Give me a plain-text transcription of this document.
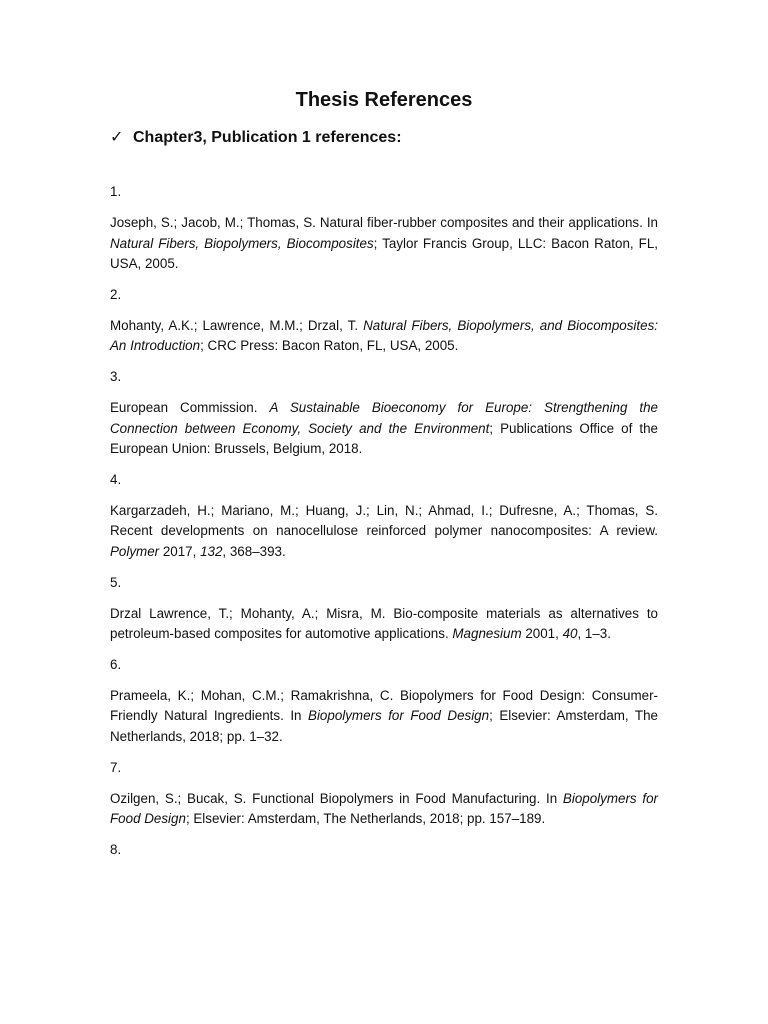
Thesis References
✓ Chapter3, Publication 1 references:
1.
Joseph, S.; Jacob, M.; Thomas, S. Natural fiber-rubber composites and their applications. In Natural Fibers, Biopolymers, Biocomposites; Taylor Francis Group, LLC: Bacon Raton, FL, USA, 2005.
2.
Mohanty, A.K.; Lawrence, M.M.; Drzal, T. Natural Fibers, Biopolymers, and Biocomposites: An Introduction; CRC Press: Bacon Raton, FL, USA, 2005.
3.
European Commission. A Sustainable Bioeconomy for Europe: Strengthening the Connection between Economy, Society and the Environment; Publications Office of the European Union: Brussels, Belgium, 2018.
4.
Kargarzadeh, H.; Mariano, M.; Huang, J.; Lin, N.; Ahmad, I.; Dufresne, A.; Thomas, S. Recent developments on nanocellulose reinforced polymer nanocomposites: A review. Polymer 2017, 132, 368–393.
5.
Drzal Lawrence, T.; Mohanty, A.; Misra, M. Bio-composite materials as alternatives to petroleum-based composites for automotive applications. Magnesium 2001, 40, 1–3.
6.
Prameela, K.; Mohan, C.M.; Ramakrishna, C. Biopolymers for Food Design: Consumer-Friendly Natural Ingredients. In Biopolymers for Food Design; Elsevier: Amsterdam, The Netherlands, 2018; pp. 1–32.
7.
Ozilgen, S.; Bucak, S. Functional Biopolymers in Food Manufacturing. In Biopolymers for Food Design; Elsevier: Amsterdam, The Netherlands, 2018; pp. 157–189.
8.
